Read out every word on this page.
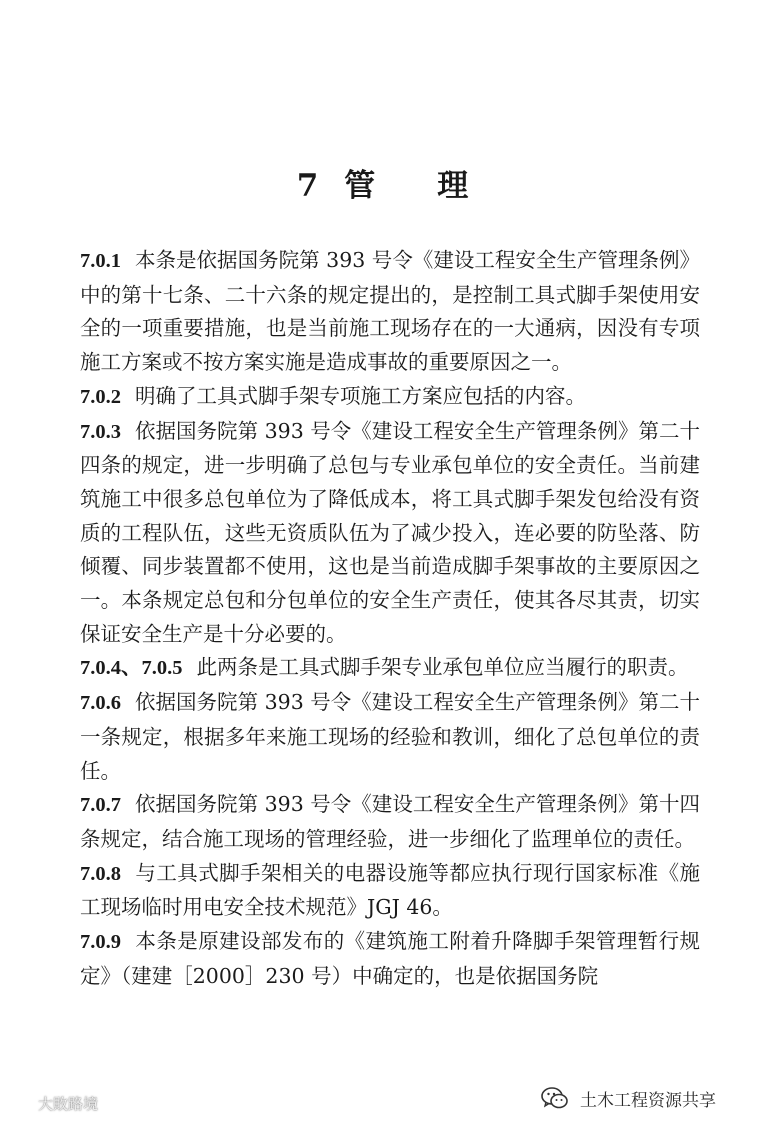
7 管 理

7.0.1 本条是依据国务院第 393 号令《建设工程安全生产管理条例》中的第十七条、二十六条的规定提出的，是控制工具式脚手架使用安全的一项重要措施，也是当前施工现场存在的一大通病，因没有专项施工方案或不按方案实施是造成事故的重要原因之一。

7.0.2 明确了工具式脚手架专项施工方案应包括的内容。

7.0.3 依据国务院第 393 号令《建设工程安全生产管理条例》第二十四条的规定，进一步明确了总包与专业承包单位的安全责任。当前建筑施工中很多总包单位为了降低成本，将工具式脚手架发包给没有资质的工程队伍，这些无资质队伍为了减少投入，连必要的防坠落、防倾覆、同步装置都不使用，这也是当前造成脚手架事故的主要原因之一。本条规定总包和分包单位的安全生产责任，使其各尽其责，切实保证安全生产是十分必要的。

7.0.4、7.0.5 此两条是工具式脚手架专业承包单位应当履行的职责。

7.0.6 依据国务院第 393 号令《建设工程安全生产管理条例》第二十一条规定，根据多年来施工现场的经验和教训，细化了总包单位的责任。

7.0.7 依据国务院第 393 号令《建设工程安全生产管理条例》第十四条规定，结合施工现场的管理经验，进一步细化了监理单位的责任。

7.0.8 与工具式脚手架相关的电器设施等都应执行现行国家标准《施工现场临时用电安全技术规范》JGJ 46。

7.0.9 本条是原建设部发布的《建筑施工附着升降脚手架管理暂行规定》（建建［2000］230 号）中确定的，也是依据国务院

土木工程资源共享
大敗路境
